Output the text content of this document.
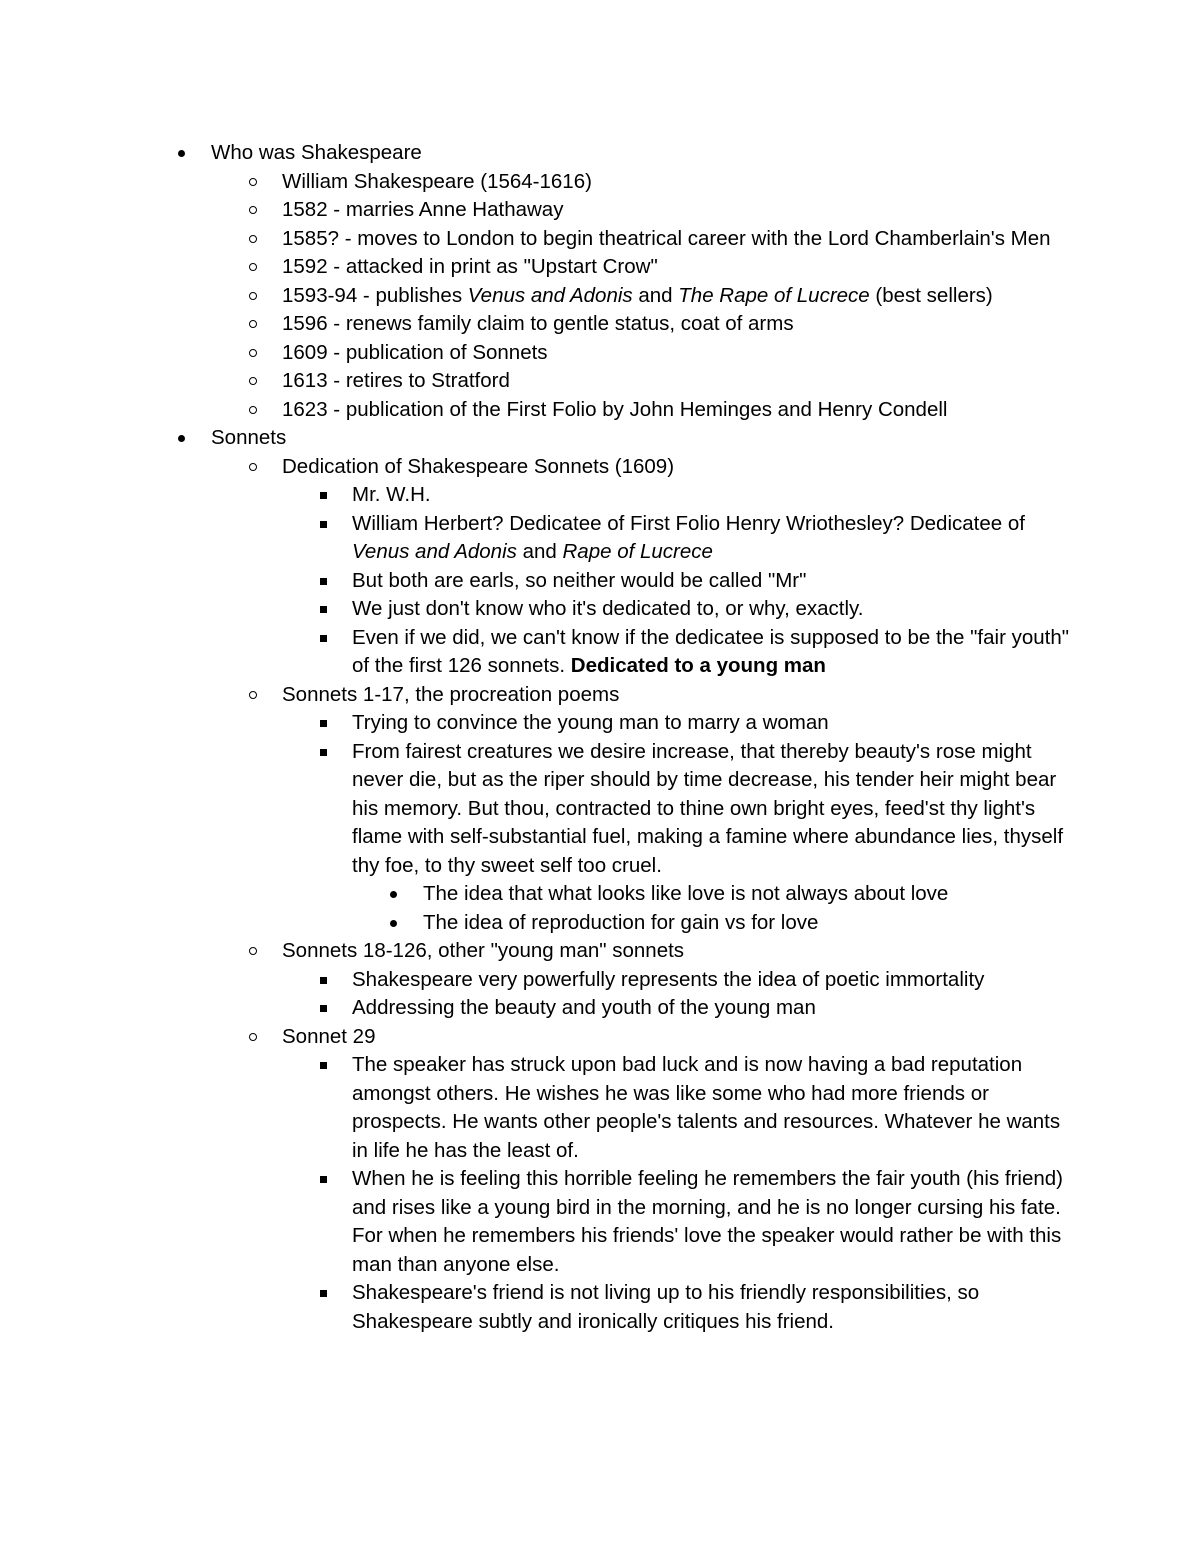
Who was Shakespeare
William Shakespeare (1564-1616)
1582 - marries Anne Hathaway
1585? - moves to London to begin theatrical career with the Lord Chamberlain's Men
1592 - attacked in print as "Upstart Crow"
1593-94 - publishes Venus and Adonis and The Rape of Lucrece (best sellers)
1596 - renews family claim to gentle status, coat of arms
1609 - publication of Sonnets
1613 - retires to Stratford
1623 - publication of the First Folio by John Heminges and Henry Condell
Sonnets
Dedication of Shakespeare Sonnets (1609)
Mr. W.H.
William Herbert? Dedicatee of First Folio Henry Wriothesley? Dedicatee of Venus and Adonis and Rape of Lucrece
But both are earls, so neither would be called "Mr"
We just don't know who it's dedicated to, or why, exactly.
Even if we did, we can't know if the dedicatee is supposed to be the "fair youth" of the first 126 sonnets. Dedicated to a young man
Sonnets 1-17, the procreation poems
Trying to convince the young man to marry a woman
From fairest creatures we desire increase, that thereby beauty's rose might never die, but as the riper should by time decrease, his tender heir might bear his memory. But thou, contracted to thine own bright eyes, feed'st thy light's flame with self-substantial fuel, making a famine where abundance lies, thyself thy foe, to thy sweet self too cruel.
The idea that what looks like love is not always about love
The idea of reproduction for gain vs for love
Sonnets 18-126, other "young man" sonnets
Shakespeare very powerfully represents the idea of poetic immortality
Addressing the beauty and youth of the young man
Sonnet 29
The speaker has struck upon bad luck and is now having a bad reputation amongst others. He wishes he was like some who had more friends or prospects. He wants other people's talents and resources. Whatever he wants in life he has the least of.
When he is feeling this horrible feeling he remembers the fair youth (his friend) and rises like a young bird in the morning, and he is no longer cursing his fate. For when he remembers his friends' love the speaker would rather be with this man than anyone else.
Shakespeare's friend is not living up to his friendly responsibilities, so Shakespeare subtly and ironically critiques his friend.
